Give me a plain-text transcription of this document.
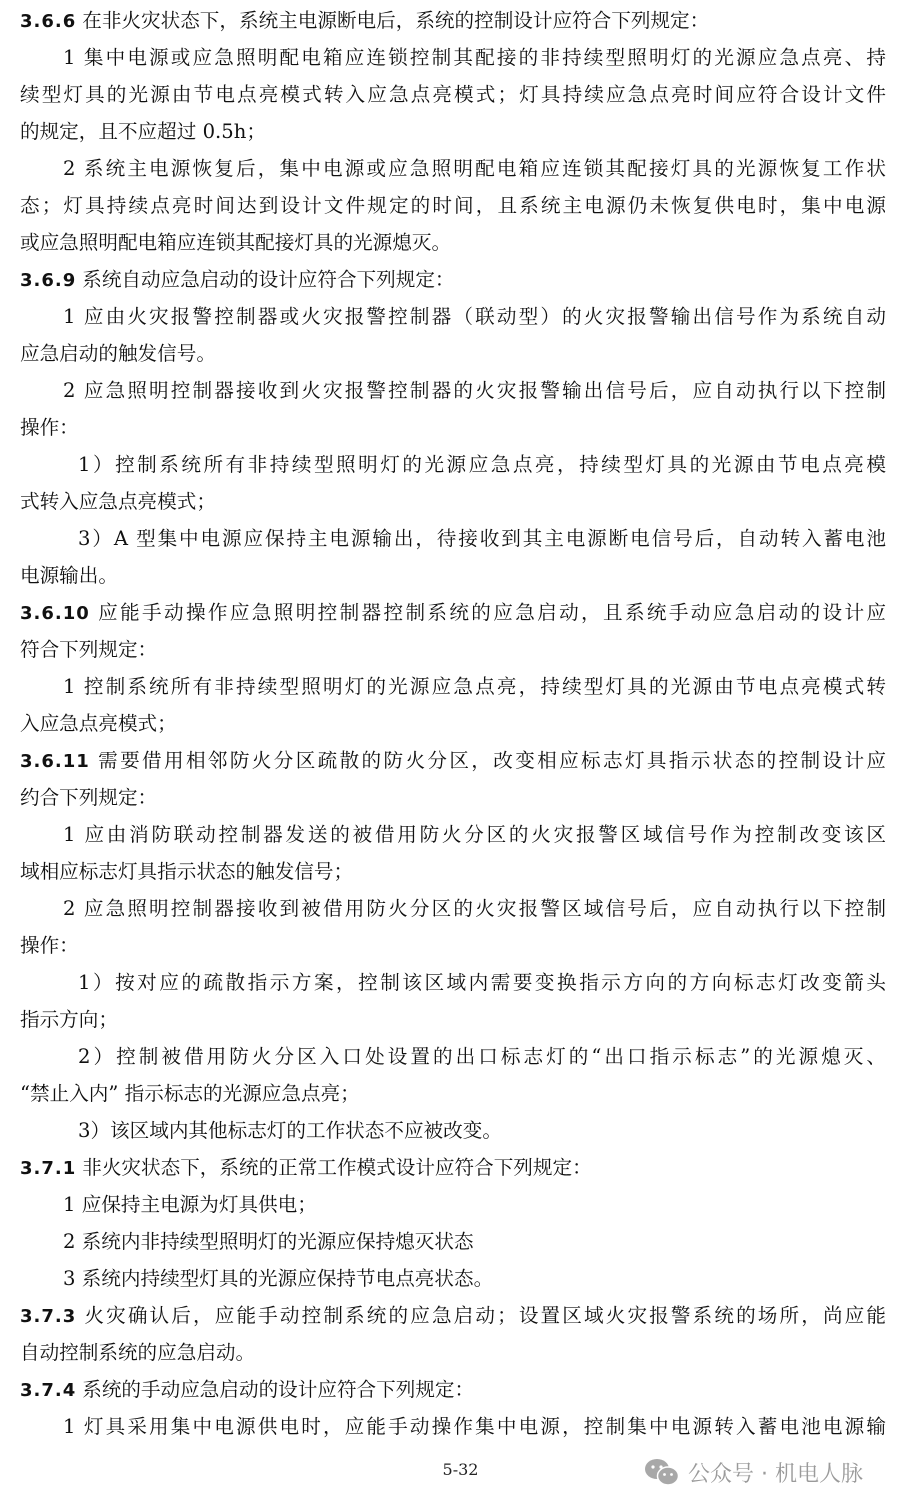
3.6.6 在非火灾状态下，系统主电源断电后，系统的控制设计应符合下列规定：
1 集中电源或应急照明配电箱应连锁控制其配接的非持续型照明灯的光源应急点亮、持
续型灯具的光源由节电点亮模式转入应急点亮模式；灯具持续应急点亮时间应符合设计文件
的规定，且不应超过 0.5h；
2 系统主电源恢复后，集中电源或应急照明配电箱应连锁其配接灯具的光源恢复工作状
态；灯具持续点亮时间达到设计文件规定的时间，且系统主电源仍未恢复供电时，集中电源
或应急照明配电箱应连锁其配接灯具的光源熄灭。
3.6.9 系统自动应急启动的设计应符合下列规定：
1 应由火灾报警控制器或火灾报警控制器（联动型）的火灾报警输出信号作为系统自动
应急启动的触发信号。
2 应急照明控制器接收到火灾报警控制器的火灾报警输出信号后，应自动执行以下控制
操作：
1）控制系统所有非持续型照明灯的光源应急点亮，持续型灯具的光源由节电点亮模
式转入应急点亮模式；
3）A 型集中电源应保持主电源输出，待接收到其主电源断电信号后，自动转入蓄电池
电源输出。
3.6.10 应能手动操作应急照明控制器控制系统的应急启动，且系统手动应急启动的设计应
符合下列规定：
1 控制系统所有非持续型照明灯的光源应急点亮，持续型灯具的光源由节电点亮模式转
入应急点亮模式；
3.6.11 需要借用相邻防火分区疏散的防火分区，改变相应标志灯具指示状态的控制设计应
约合下列规定：
1 应由消防联动控制器发送的被借用防火分区的火灾报警区域信号作为控制改变该区
域相应标志灯具指示状态的触发信号；
2 应急照明控制器接收到被借用防火分区的火灾报警区域信号后，应自动执行以下控制
操作：
1）按对应的疏散指示方案，控制该区域内需要变换指示方向的方向标志灯改变箭头
指示方向；
2）控制被借用防火分区入口处设置的出口标志灯的“出口指示标志”的光源熄灭、
“禁止入内” 指示标志的光源应急点亮；
3）该区域内其他标志灯的工作状态不应被改变。
3.7.1 非火灾状态下，系统的正常工作模式设计应符合下列规定：
1 应保持主电源为灯具供电；
2 系统内非持续型照明灯的光源应保持熄灭状态
3 系统内持续型灯具的光源应保持节电点亮状态。
3.7.3 火灾确认后，应能手动控制系统的应急启动；设置区域火灾报警系统的场所，尚应能
自动控制系统的应急启动。
3.7.4 系统的手动应急启动的设计应符合下列规定：
1 灯具采用集中电源供电时，应能手动操作集中电源，控制集中电源转入蓄电池电源输
5-32	公众号 · 机电人脉
